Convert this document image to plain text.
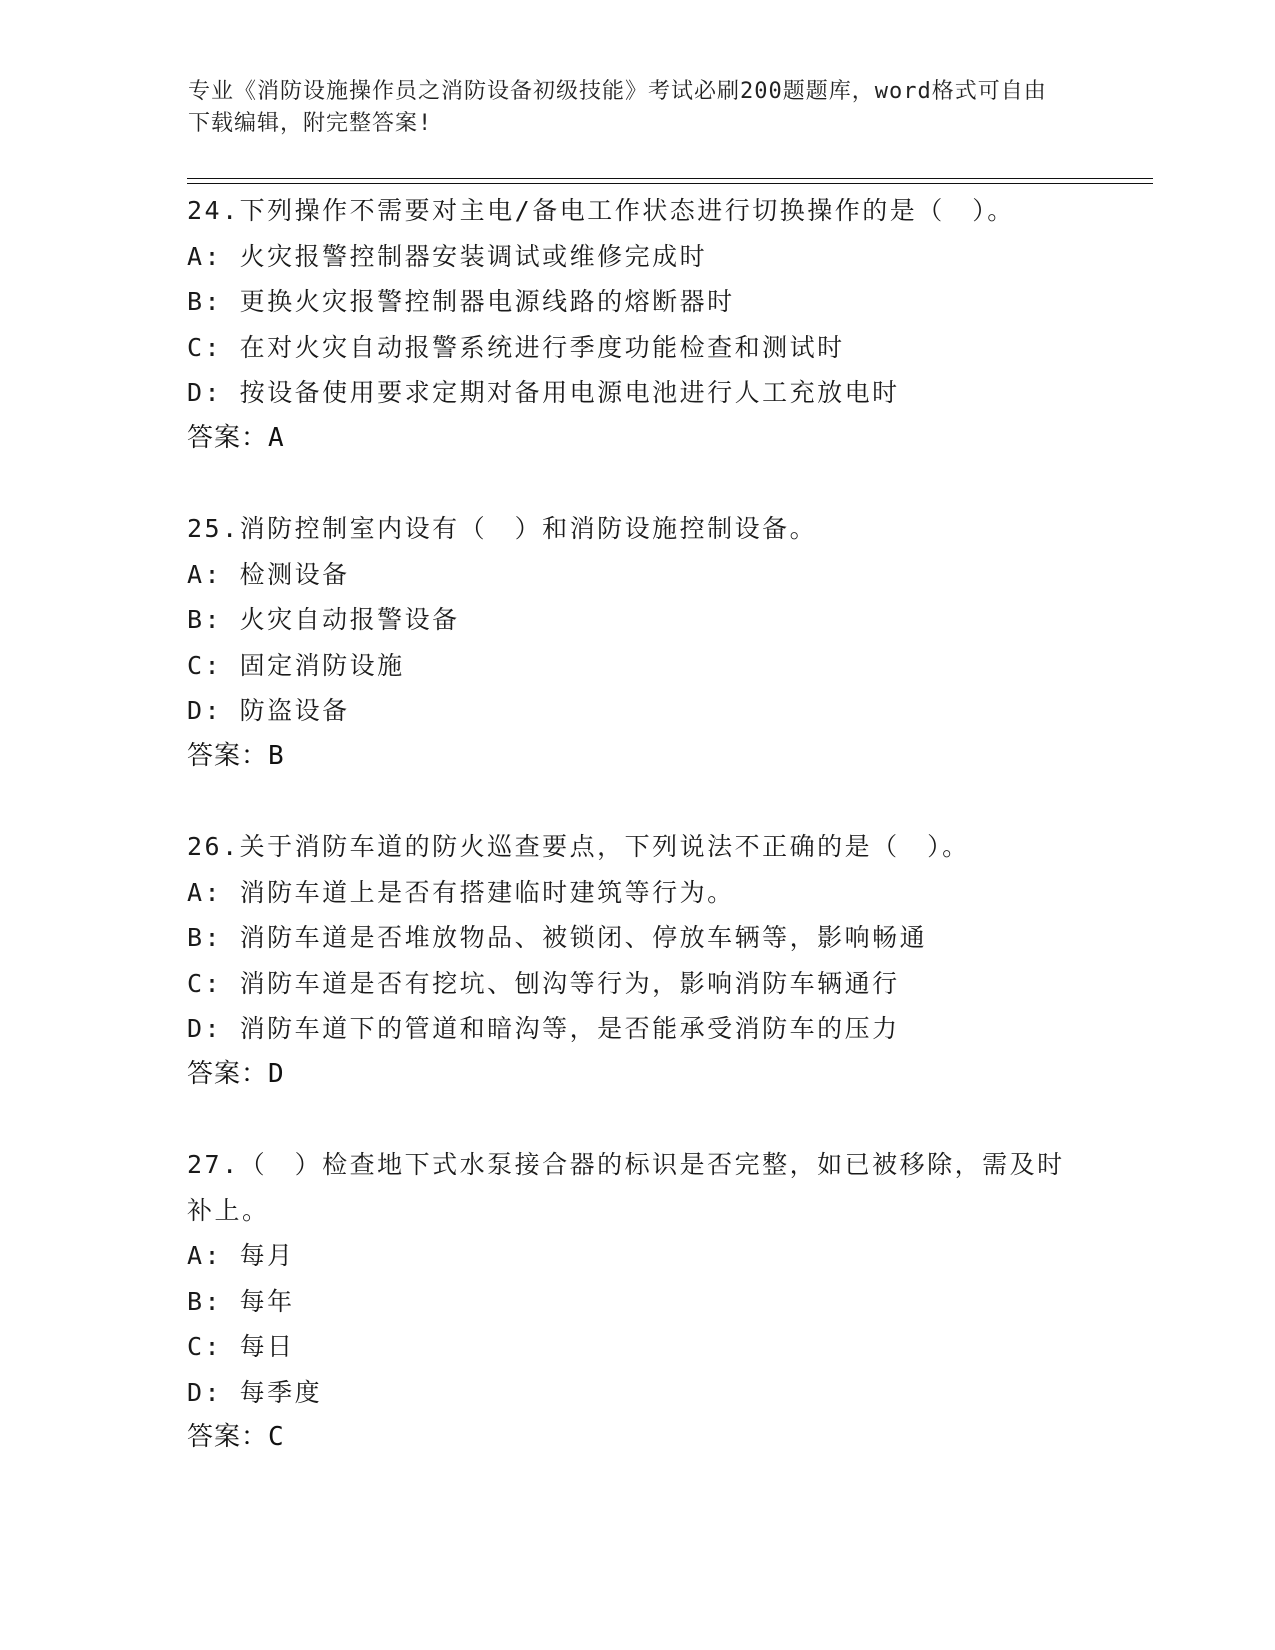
专业《消防设施操作员之消防设备初级技能》考试必刷200题题库，word格式可自由下载编辑，附完整答案!
24.下列操作不需要对主电/备电工作状态进行切换操作的是（　）。
A: 火灾报警控制器安装调试或维修完成时
B: 更换火灾报警控制器电源线路的熔断器时
C: 在对火灾自动报警系统进行季度功能检查和测试时
D: 按设备使用要求定期对备用电源电池进行人工充放电时
答案：A
25.消防控制室内设有（　）和消防设施控制设备。
A: 检测设备
B: 火灾自动报警设备
C: 固定消防设施
D: 防盗设备
答案：B
26.关于消防车道的防火巡查要点，下列说法不正确的是（　）。
A: 消防车道上是否有搭建临时建筑等行为。
B: 消防车道是否堆放物品、被锁闭、停放车辆等，影响畅通
C: 消防车道是否有挖坑、刨沟等行为，影响消防车辆通行
D: 消防车道下的管道和暗沟等，是否能承受消防车的压力
答案：D
27.（　）检查地下式水泵接合器的标识是否完整，如已被移除，需及时补上。
A: 每月
B: 每年
C: 每日
D: 每季度
答案：C
